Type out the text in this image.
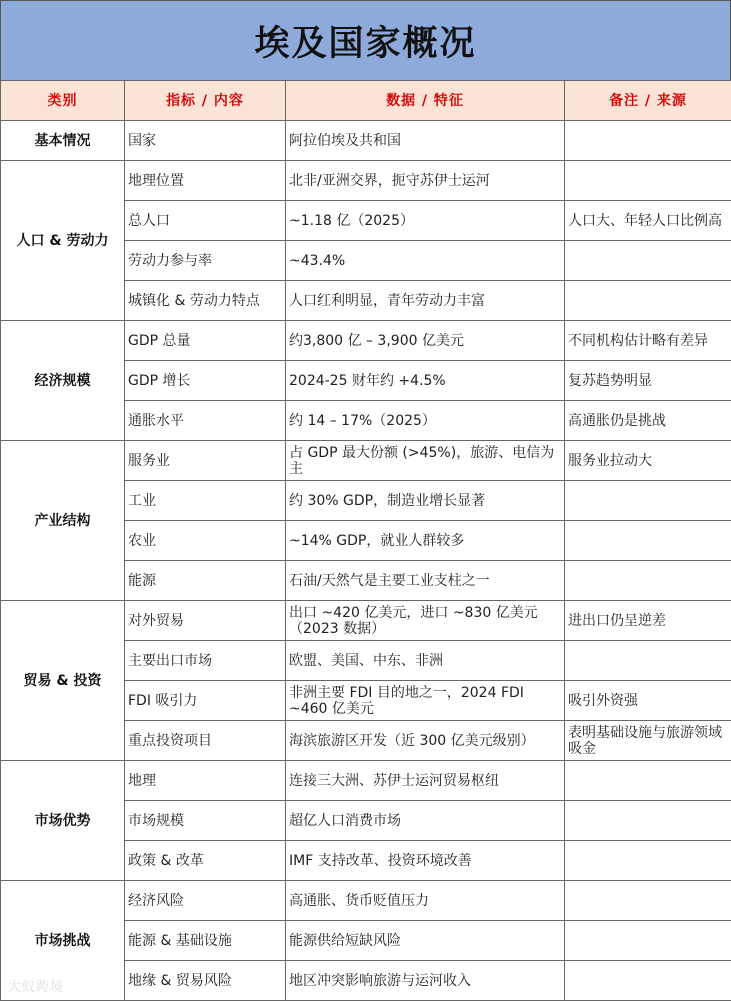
埃及国家概况
类别	指标 / 内容	数据 / 特征	备注 / 来源
基本情况	国家	阿拉伯埃及共和国	
人口 & 劳动力	地理位置	北非/亚洲交界，扼守苏伊士运河	
	总人口	~1.18 亿（2025）	人口大、年轻人口比例高
	劳动力参与率	~43.4%	
	城镇化 & 劳动力特点	人口红利明显，青年劳动力丰富	
经济规模	GDP 总量	约3,800 亿 – 3,900 亿美元	不同机构估计略有差异
	GDP 增长	2024-25 财年约 +4.5%	复苏趋势明显
	通胀水平	约 14 – 17%（2025）	高通胀仍是挑战
产业结构	服务业	占 GDP 最大份额 (>45%)，旅游、电信为主	服务业拉动大
	工业	约 30% GDP，制造业增长显著	
	农业	~14% GDP，就业人群较多	
	能源	石油/天然气是主要工业支柱之一	
贸易 & 投资	对外贸易	出口 ~420 亿美元，进口 ~830 亿美元（2023 数据）	进出口仍呈逆差
	主要出口市场	欧盟、美国、中东、非洲	
	FDI 吸引力	非洲主要 FDI 目的地之一，2024 FDI ~460 亿美元	吸引外资强
	重点投资项目	海滨旅游区开发（近 300 亿美元级别）	表明基础设施与旅游领域吸金
市场优势	地理	连接三大洲、苏伊士运河贸易枢纽	
	市场规模	超亿人口消费市场	
	政策 & 改革	IMF 支持改革、投资环境改善	
市场挑战	经济风险	高通胀、货币贬值压力	
	能源 & 基础设施	能源供给短缺风险	
	地缘 & 贸易风险	地区冲突影响旅游与运河收入	
大蚁跨境
